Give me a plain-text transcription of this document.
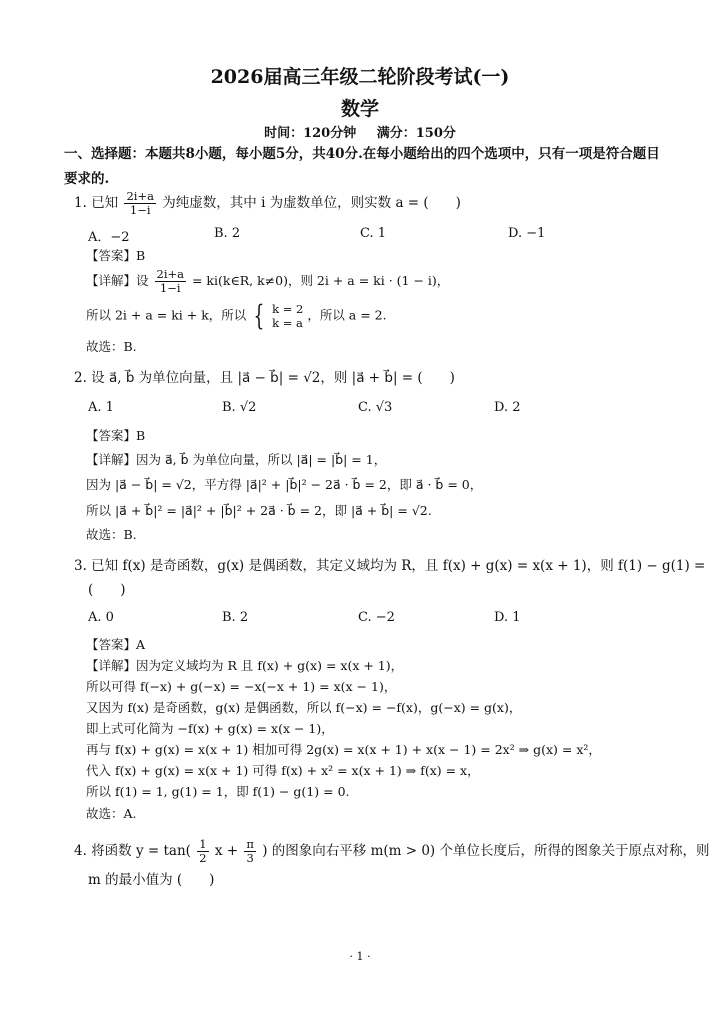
2026届高三年级二轮阶段考试(一)
数学
时间：120分钟 满分：150分
一、选择题：本题共8小题，每小题5分，共40分.在每小题给出的四个选项中，只有一项是符合题目要求的.
1. 已知 $\frac{2i+a}{1-i}$ 为纯虚数，其中 i 为虚数单位，则实数 a = (　　)
A．−2	B. 2	C. 1	D. −1
【答案】B
【详解】设 $\frac{2i+a}{1-i}$ = ki(k∈R, k≠0)，则 2i + a = ki · (1 − i)，
所以 2i + a = ki + k，所以 { k = 2
k = a
，所以 a = 2.
故选：B.
2. 设 a⃗, b⃗ 为单位向量，且 |a⃗ − b⃗| = √2，则 |a⃗ + b⃗| = (　　)
A. 1	B. √2	C. √3	D. 2
【答案】B
【详解】因为 a⃗, b⃗ 为单位向量，所以 |a⃗| = |b⃗| = 1，
因为 |a⃗ − b⃗| = √2，平方得 |a⃗|² + |b⃗|² − 2a⃗ · b⃗ = 2，即 a⃗ · b⃗ = 0，
所以 |a⃗ + b⃗|² = |a⃗|² + |b⃗|² + 2a⃗ · b⃗ = 2，即 |a⃗ + b⃗| = √2.
故选：B.
3. 已知 f(x) 是奇函数，g(x) 是偶函数，其定义域均为 R，且 f(x) + g(x) = x(x + 1)，则 f(1) − g(1) =
(　　)
A. 0	B. 2	C. −2	D. 1
【答案】A
【详解】因为定义域均为 R 且 f(x) + g(x) = x(x + 1)，
所以可得 f(−x) + g(−x) = −x(−x + 1) = x(x − 1)，
又因为 f(x) 是奇函数，g(x) 是偶函数，所以 f(−x) = −f(x)，g(−x) = g(x)，
即上式可化简为 −f(x) + g(x) = x(x − 1)，
再与 f(x) + g(x) = x(x + 1) 相加可得 2g(x) = x(x + 1) + x(x − 1) = 2x² ⇒ g(x) = x²，
代入 f(x) + g(x) = x(x + 1) 可得 f(x) + x² = x(x + 1) ⇒ f(x) = x，
所以 f(1) = 1, g(1) = 1，即 f(1) − g(1) = 0.
故选：A.
4. 将函数 $y = \tan( \frac{1}{2}$ $x + \frac{\pi}{3}$ ) 的图象向右平移 m(m > 0) 个单位长度后，所得的图象关于原点对称，则
m 的最小值为 (　　)
· 1 ·
